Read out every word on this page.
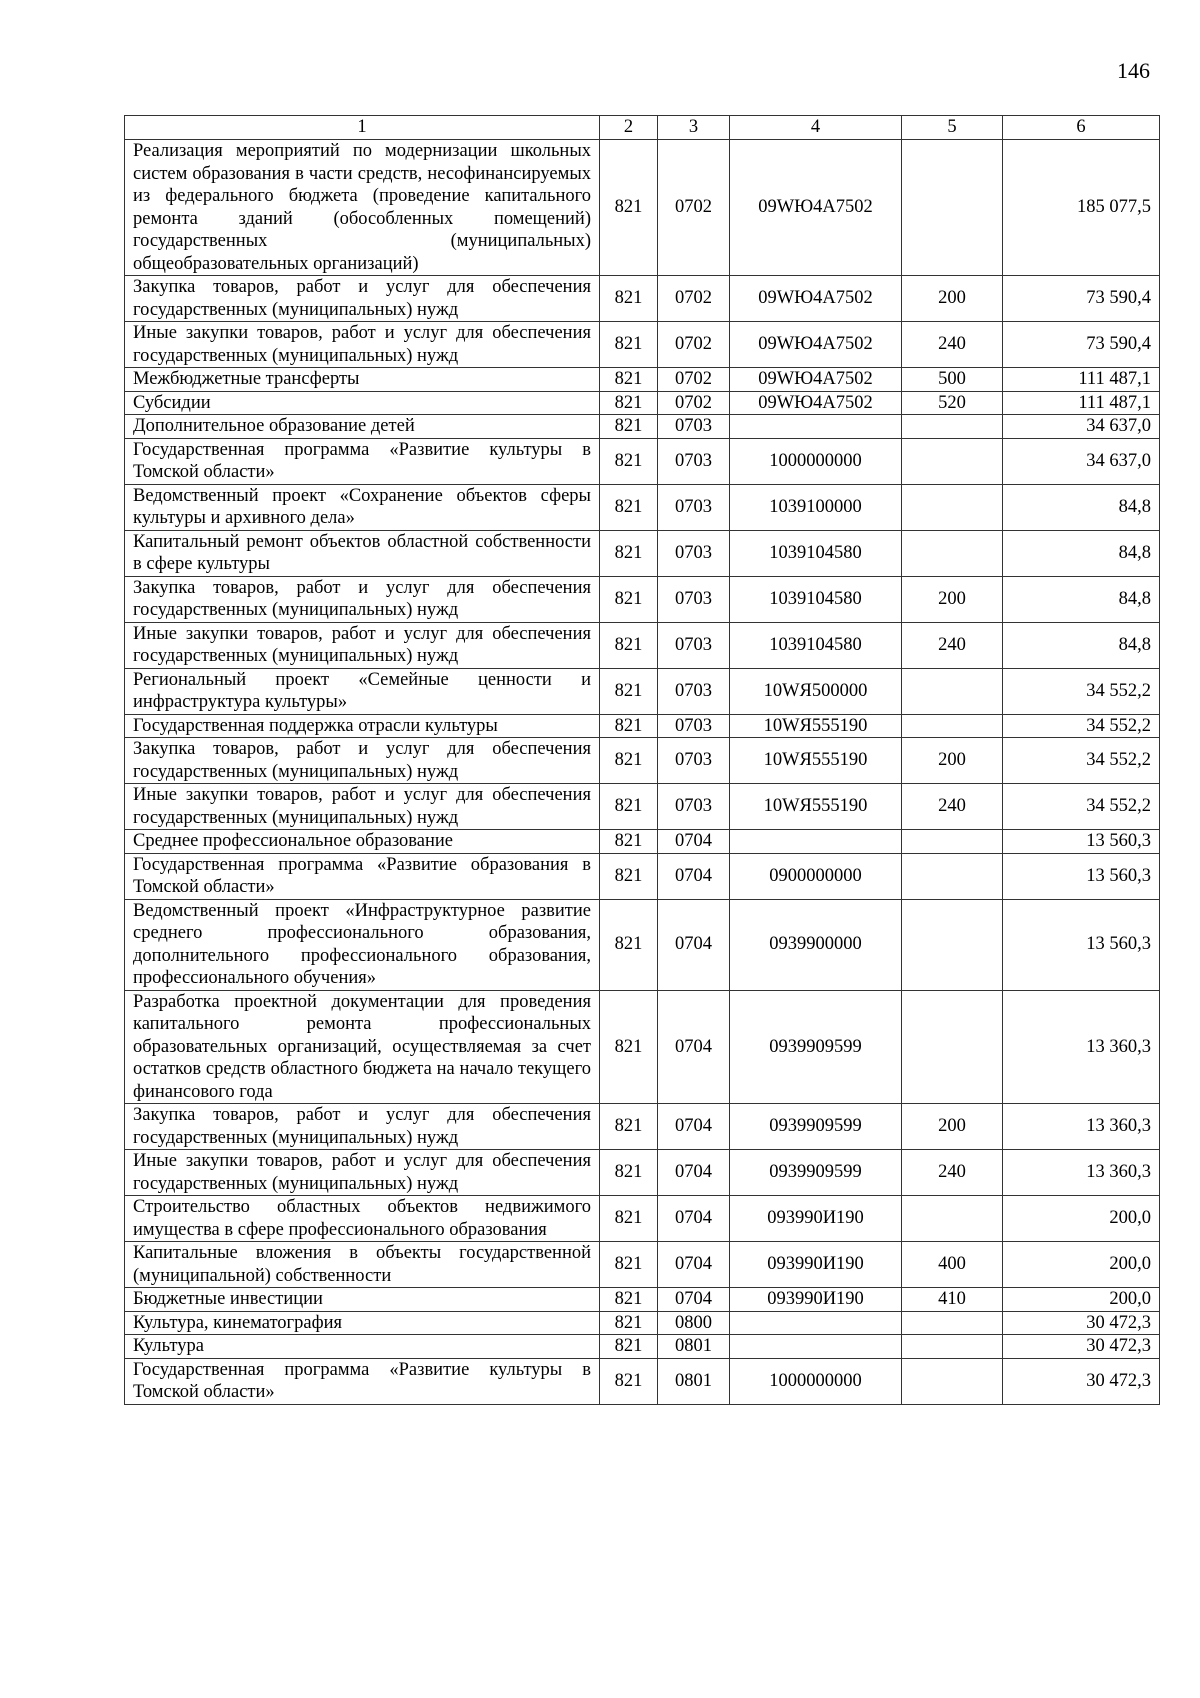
146
1	2	3	4	5	6
Реализация мероприятий по модернизации школьных систем образования в части средств, несофинансируемых из федерального бюджета (проведение капитального ремонта зданий (обособленных помещений) государственных (муниципальных) общеобразовательных организаций)	821	0702	09WЮ4А7502		185 077,5
Закупка товаров, работ и услуг для обеспечения государственных (муниципальных) нужд	821	0702	09WЮ4А7502	200	73 590,4
Иные закупки товаров, работ и услуг для обеспечения государственных (муниципальных) нужд	821	0702	09WЮ4А7502	240	73 590,4
Межбюджетные трансферты	821	0702	09WЮ4А7502	500	111 487,1
Субсидии	821	0702	09WЮ4А7502	520	111 487,1
Дополнительное образование детей	821	0703			34 637,0
Государственная программа «Развитие культуры в Томской области»	821	0703	1000000000		34 637,0
Ведомственный проект «Сохранение объектов сферы культуры и архивного дела»	821	0703	1039100000		84,8
Капитальный ремонт объектов областной собственности в сфере культуры	821	0703	1039104580		84,8
Закупка товаров, работ и услуг для обеспечения государственных (муниципальных) нужд	821	0703	1039104580	200	84,8
Иные закупки товаров, работ и услуг для обеспечения государственных (муниципальных) нужд	821	0703	1039104580	240	84,8
Региональный проект «Семейные ценности и инфраструктура культуры»	821	0703	10WЯ500000		34 552,2
Государственная поддержка отрасли культуры	821	0703	10WЯ555190		34 552,2
Закупка товаров, работ и услуг для обеспечения государственных (муниципальных) нужд	821	0703	10WЯ555190	200	34 552,2
Иные закупки товаров, работ и услуг для обеспечения государственных (муниципальных) нужд	821	0703	10WЯ555190	240	34 552,2
Среднее профессиональное образование	821	0704			13 560,3
Государственная программа «Развитие образования в Томской области»	821	0704	0900000000		13 560,3
Ведомственный проект «Инфраструктурное развитие среднего профессионального образования, дополнительного профессионального образования, профессионального обучения»	821	0704	0939900000		13 560,3
Разработка проектной документации для проведения капитального ремонта профессиональных образовательных организаций, осуществляемая за счет остатков средств областного бюджета на начало текущего финансового года	821	0704	0939909599		13 360,3
Закупка товаров, работ и услуг для обеспечения государственных (муниципальных) нужд	821	0704	0939909599	200	13 360,3
Иные закупки товаров, работ и услуг для обеспечения государственных (муниципальных) нужд	821	0704	0939909599	240	13 360,3
Строительство областных объектов недвижимого имущества в сфере профессионального образования	821	0704	093990И190		200,0
Капитальные вложения в объекты государственной (муниципальной) собственности	821	0704	093990И190	400	200,0
Бюджетные инвестиции	821	0704	093990И190	410	200,0
Культура, кинематография	821	0800			30 472,3
Культура	821	0801			30 472,3
Государственная программа «Развитие культуры в Томской области»	821	0801	1000000000		30 472,3
